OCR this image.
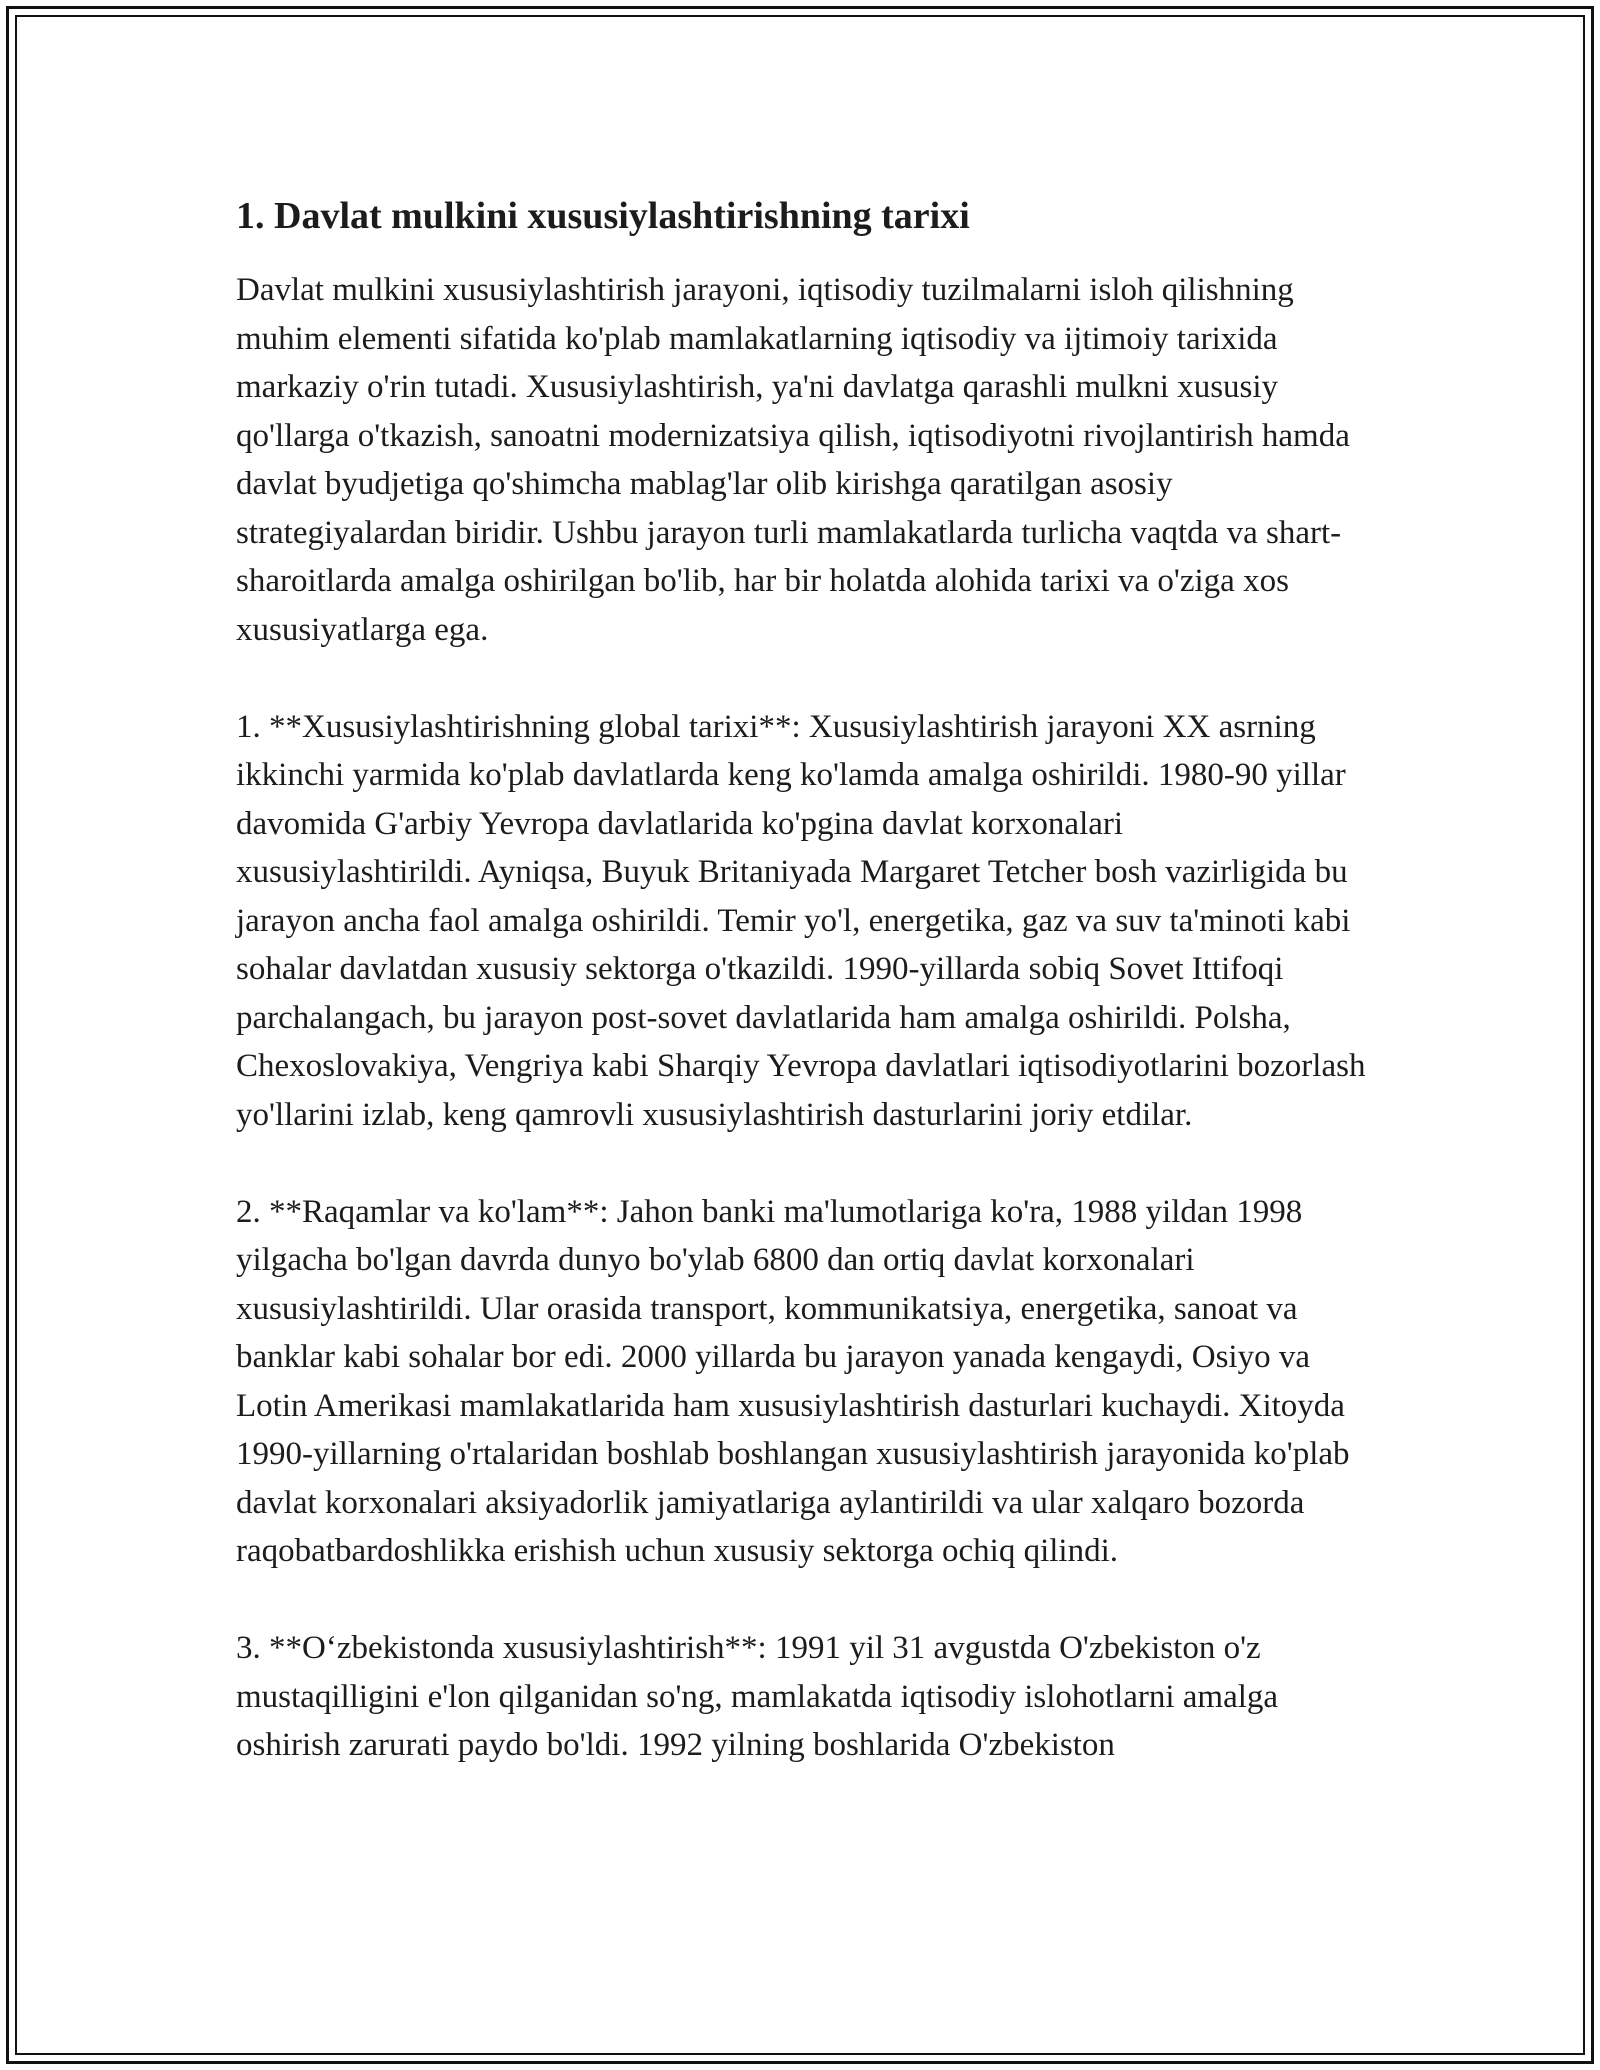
1. Davlat mulkini xususiylashtirishning tarixi

Davlat mulkini xususiylashtirish jarayoni, iqtisodiy tuzilmalarni isloh qilishning muhim elementi sifatida ko'plab mamlakatlarning iqtisodiy va ijtimoiy tarixida markaziy o'rin tutadi. Xususiylashtirish, ya'ni davlatga qarashli mulkni xususiy qo'llarga o'tkazish, sanoatni modernizatsiya qilish, iqtisodiyotni rivojlantirish hamda davlat byudjetiga qo'shimcha mablag'lar olib kirishga qaratilgan asosiy strategiyalardan biridir. Ushbu jarayon turli mamlakatlarda turlicha vaqtda va shart-sharoitlarda amalga oshirilgan bo'lib, har bir holatda alohida tarixi va o'ziga xos xususiyatlarga ega.

1. **Xususiylashtirishning global tarixi**: Xususiylashtirish jarayoni XX asrning ikkinchi yarmida ko'plab davlatlarda keng ko'lamda amalga oshirildi. 1980-90 yillar davomida G'arbiy Yevropa davlatlarida ko'pgina davlat korxonalari xususiylashtirildi. Ayniqsa, Buyuk Britaniyada Margaret Tetcher bosh vazirligida bu jarayon ancha faol amalga oshirildi. Temir yo'l, energetika, gaz va suv ta'minoti kabi sohalar davlatdan xususiy sektorga o'tkazildi. 1990-yillarda sobiq Sovet Ittifoqi parchalangach, bu jarayon post-sovet davlatlarida ham amalga oshirildi. Polsha, Chexoslovakiya, Vengriya kabi Sharqiy Yevropa davlatlari iqtisodiyotlarini bozorlash yo'llarini izlab, keng qamrovli xususiylashtirish dasturlarini joriy etdilar.

2. **Raqamlar va ko'lam**: Jahon banki ma'lumotlariga ko'ra, 1988 yildan 1998 yilgacha bo'lgan davrda dunyo bo'ylab 6800 dan ortiq davlat korxonalari xususiylashtirildi. Ular orasida transport, kommunikatsiya, energetika, sanoat va banklar kabi sohalar bor edi. 2000 yillarda bu jarayon yanada kengaydi, Osiyo va Lotin Amerikasi mamlakatlarida ham xususiylashtirish dasturlari kuchaydi. Xitoyda 1990-yillarning o'rtalaridan boshlab boshlangan xususiylashtirish jarayonida ko'plab davlat korxonalari aksiyadorlik jamiyatlariga aylantirildi va ular xalqaro bozorda raqobatbardoshlikka erishish uchun xususiy sektorga ochiq qilindi.

3. **O‘zbekistonda xususiylashtirish**: 1991 yil 31 avgustda O'zbekiston o'z mustaqilligini e'lon qilganidan so'ng, mamlakatda iqtisodiy islohotlarni amalga oshirish zarurati paydo bo'ldi. 1992 yilning boshlarida O'zbekiston
